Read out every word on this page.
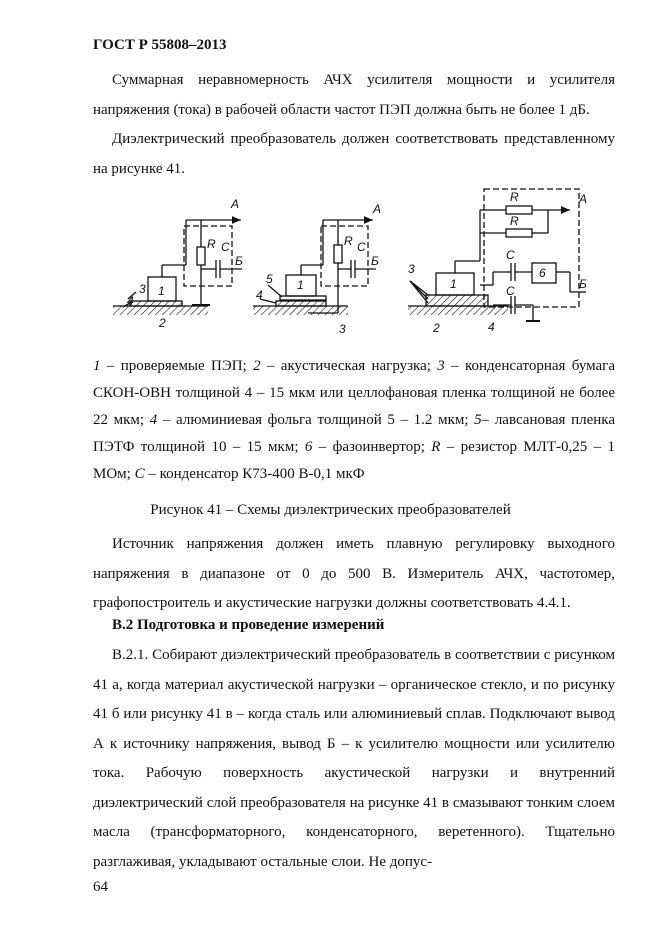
ГОСТ Р 55808–2013

Суммарная неравномерность АЧХ усилителя мощности и усилителя напряжения (тока) в рабочей области частот ПЭП должна быть не более 1 дБ.

Диэлектрический преобразователь должен соответствовать представленному на рисунке 41.

А
R C
Б
1
3
4
2
А
R C
Б
1
5
4
3
А
R
R
C
C
6
Б
1
3
2	4

1 – проверяемые ПЭП; 2 – акустическая нагрузка; 3 – конденсаторная бумага СКОН-ОВН толщиной 4 – 15 мкм или целлофановая пленка толщиной не более 22 мкм; 4 – алюминиевая фольга толщиной 5 – 1.2 мкм; 5– лавсановая пленка ПЭТФ толщиной 10 – 15 мкм; 6 – фазоинвертор; R – резистор МЛТ-0,25 – 1 МОм; C – конденсатор К73-400 В-0,1 мкФ

Рисунок 41 – Схемы диэлектрических преобразователей

Источник напряжения должен иметь плавную регулировку выходного напряжения в диапазоне от 0 до 500 В. Измеритель АЧХ, частотомер, графопостроитель и акустические нагрузки должны соответствовать 4.4.1.

В.2 Подготовка и проведение измерений

В.2.1. Собирают диэлектрический преобразователь в соответствии с рисунком 41 а, когда материал акустической нагрузки – органическое стекло, и по рисунку 41 б или рисунку 41 в – когда сталь или алюминиевый сплав. Подключают вывод А к источнику напряжения, вывод Б – к усилителю мощности или усилителю тока. Рабочую поверхность акустической нагрузки и внутренний диэлектрический слой преобразователя на рисунке 41 в смазывают тонким слоем масла (трансформаторного, конденсаторного, веретенного). Тщательно разглаживая, укладывают остальные слои. Не допус-

64
